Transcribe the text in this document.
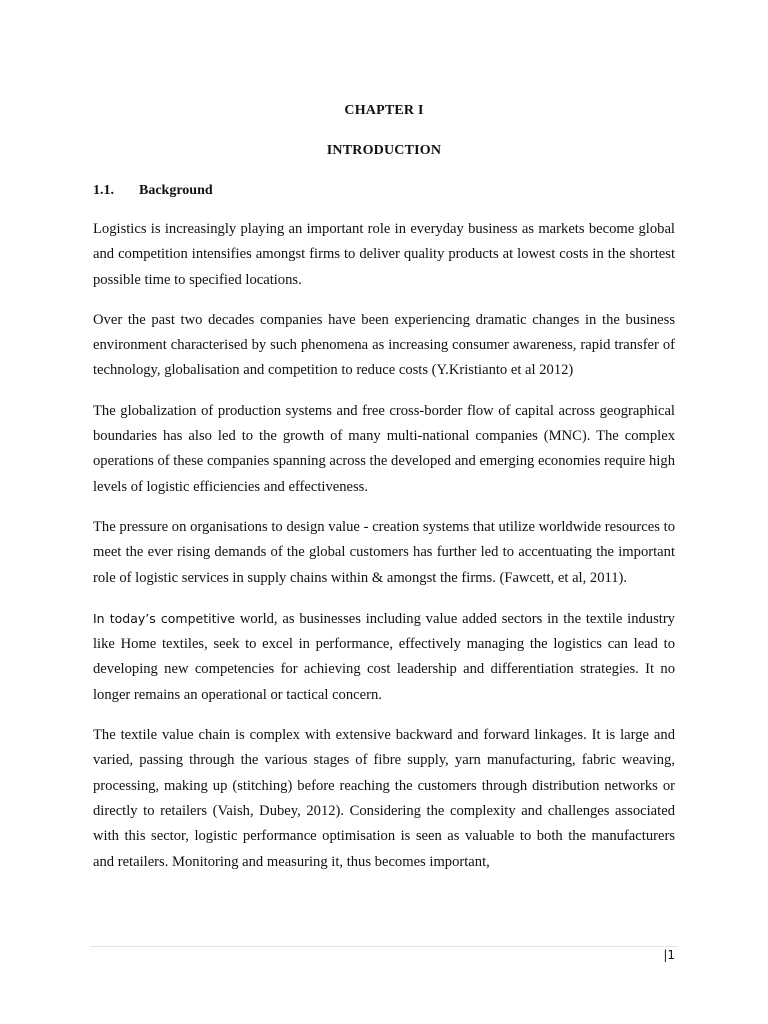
CHAPTER I
INTRODUCTION
1.1. Background

Logistics is increasingly playing an important role in everyday business as markets become global and competition intensifies amongst firms to deliver quality products at lowest costs in the shortest possible time to specified locations.

Over the past two decades companies have been experiencing dramatic changes in the business environment characterised by such phenomena as increasing consumer awareness, rapid transfer of technology, globalisation and competition to reduce costs (Y.Kristianto et al 2012)

The globalization of production systems and free cross-border flow of capital across geographical boundaries has also led to the growth of many multi-national companies (MNC). The complex operations of these companies spanning across the developed and emerging economies require high levels of logistic efficiencies and effectiveness.

The pressure on organisations to design value - creation systems that utilize worldwide resources to meet the ever rising demands of the global customers has further led to accentuating the important role of logistic services in supply chains within & amongst the firms. (Fawcett, et al, 2011).

In today’s competitive world, as businesses including value added sectors in the textile industry like Home textiles, seek to excel in performance, effectively managing the logistics can lead to developing new competencies for achieving cost leadership and differentiation strategies. It no longer remains an operational or tactical concern.

The textile value chain is complex with extensive backward and forward linkages. It is large and varied, passing through the various stages of fibre supply, yarn manufacturing, fabric weaving, processing, making up (stitching) before reaching the customers through distribution networks or directly to retailers (Vaish, Dubey, 2012). Considering the complexity and challenges associated with this sector, logistic performance optimisation is seen as valuable to both the manufacturers and retailers. Monitoring and measuring it, thus becomes important,

|1
